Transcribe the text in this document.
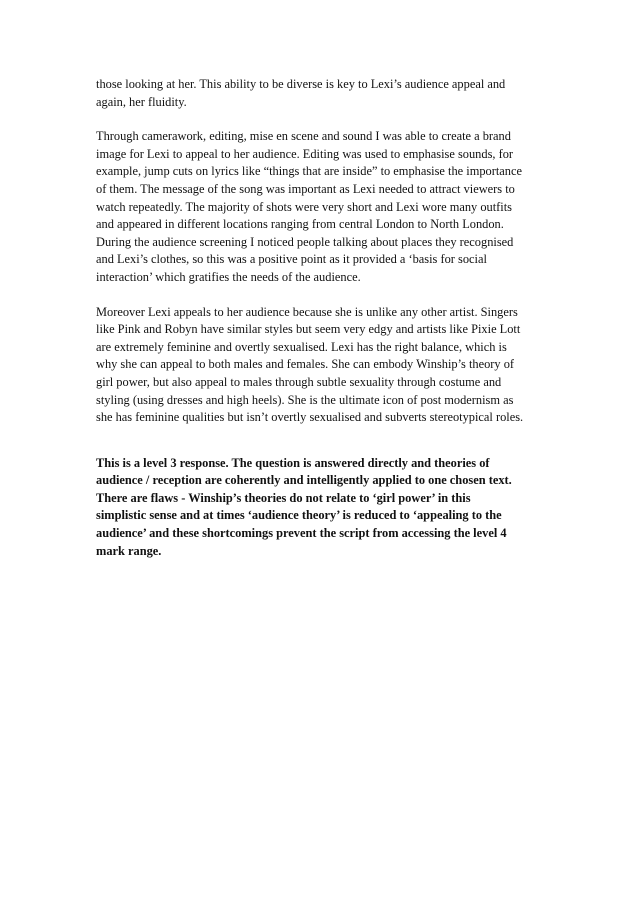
those looking at her. This ability to be diverse is key to Lexi’s audience appeal and
again, her fluidity.

Through camerawork, editing, mise en scene and sound I was able to create a brand
image for Lexi to appeal to her audience. Editing was used to emphasise sounds, for
example, jump cuts on lyrics like “things that are inside” to emphasise the importance
of them. The message of the song was important as Lexi needed to attract viewers to
watch repeatedly. The majority of shots were very short and Lexi wore many outfits
and appeared in different locations ranging from central London to North London.
During the audience screening I noticed people talking about places they recognised
and Lexi’s clothes, so this was a positive point as it provided a ‘basis for social
interaction’ which gratifies the needs of the audience.

Moreover Lexi appeals to her audience because she is unlike any other artist. Singers
like Pink and Robyn have similar styles but seem very edgy and artists like Pixie Lott
are extremely feminine and overtly sexualised. Lexi has the right balance, which is
why she can appeal to both males and females. She can embody Winship’s theory of
girl power, but also appeal to males through subtle sexuality through costume and
styling (using dresses and high heels). She is the ultimate icon of post modernism as
she has feminine qualities but isn’t overtly sexualised and subverts stereotypical roles.

This is a level 3 response. The question is answered directly and theories of
audience / reception are coherently and intelligently applied to one chosen text.
There are flaws - Winship’s theories do not relate to ‘girl power’ in this
simplistic sense and at times ‘audience theory’ is reduced to ‘appealing to the
audience’ and these shortcomings prevent the script from accessing the level 4
mark range.
